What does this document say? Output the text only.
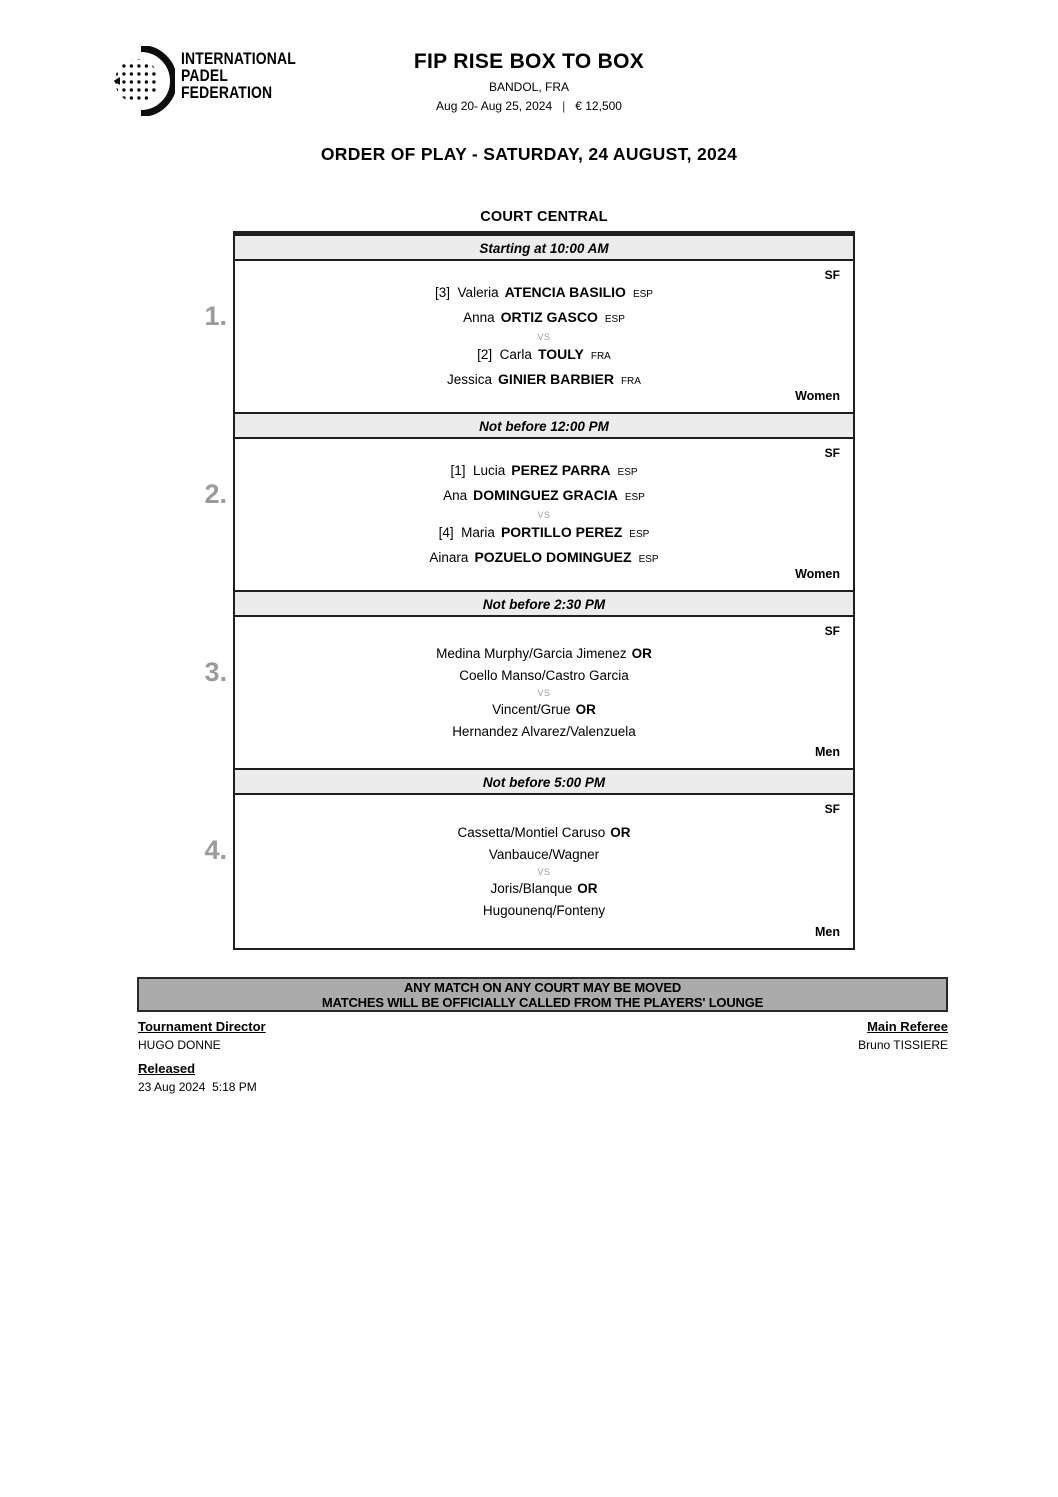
INTERNATIONAL
PADEL
FEDERATION
FIP RISE BOX TO BOX
BANDOL, FRA
Aug 20- Aug 25, 2024 | € 12,500
ORDER OF PLAY - SATURDAY, 24 AUGUST, 2024
COURT CENTRAL
Starting at 10:00 AM
1.
SF
[3]  Valeria ATENCIA BASILIO ESP
Anna ORTIZ GASCO ESP
VS
[2]  Carla TOULY FRA
Jessica GINIER BARBIER FRA
Women
Not before 12:00 PM
2.
SF
[1]  Lucia PEREZ PARRA ESP
Ana DOMINGUEZ GRACIA ESP
VS
[4]  Maria PORTILLO PEREZ ESP
Ainara POZUELO DOMINGUEZ ESP
Women
Not before 2:30 PM
3.
SF
Medina Murphy/Garcia Jimenez OR
Coello Manso/Castro Garcia
VS
Vincent/Grue OR
Hernandez Alvarez/Valenzuela
Men
Not before 5:00 PM
4.
SF
Cassetta/Montiel Caruso OR
Vanbauce/Wagner
VS
Joris/Blanque OR
Hugounenq/Fonteny
Men
ANY MATCH ON ANY COURT MAY BE MOVED
MATCHES WILL BE OFFICIALLY CALLED FROM THE PLAYERS' LOUNGE
Tournament Director
HUGO DONNE
Released
23 Aug 2024  5:18 PM
Main Referee
Bruno TISSIERE
